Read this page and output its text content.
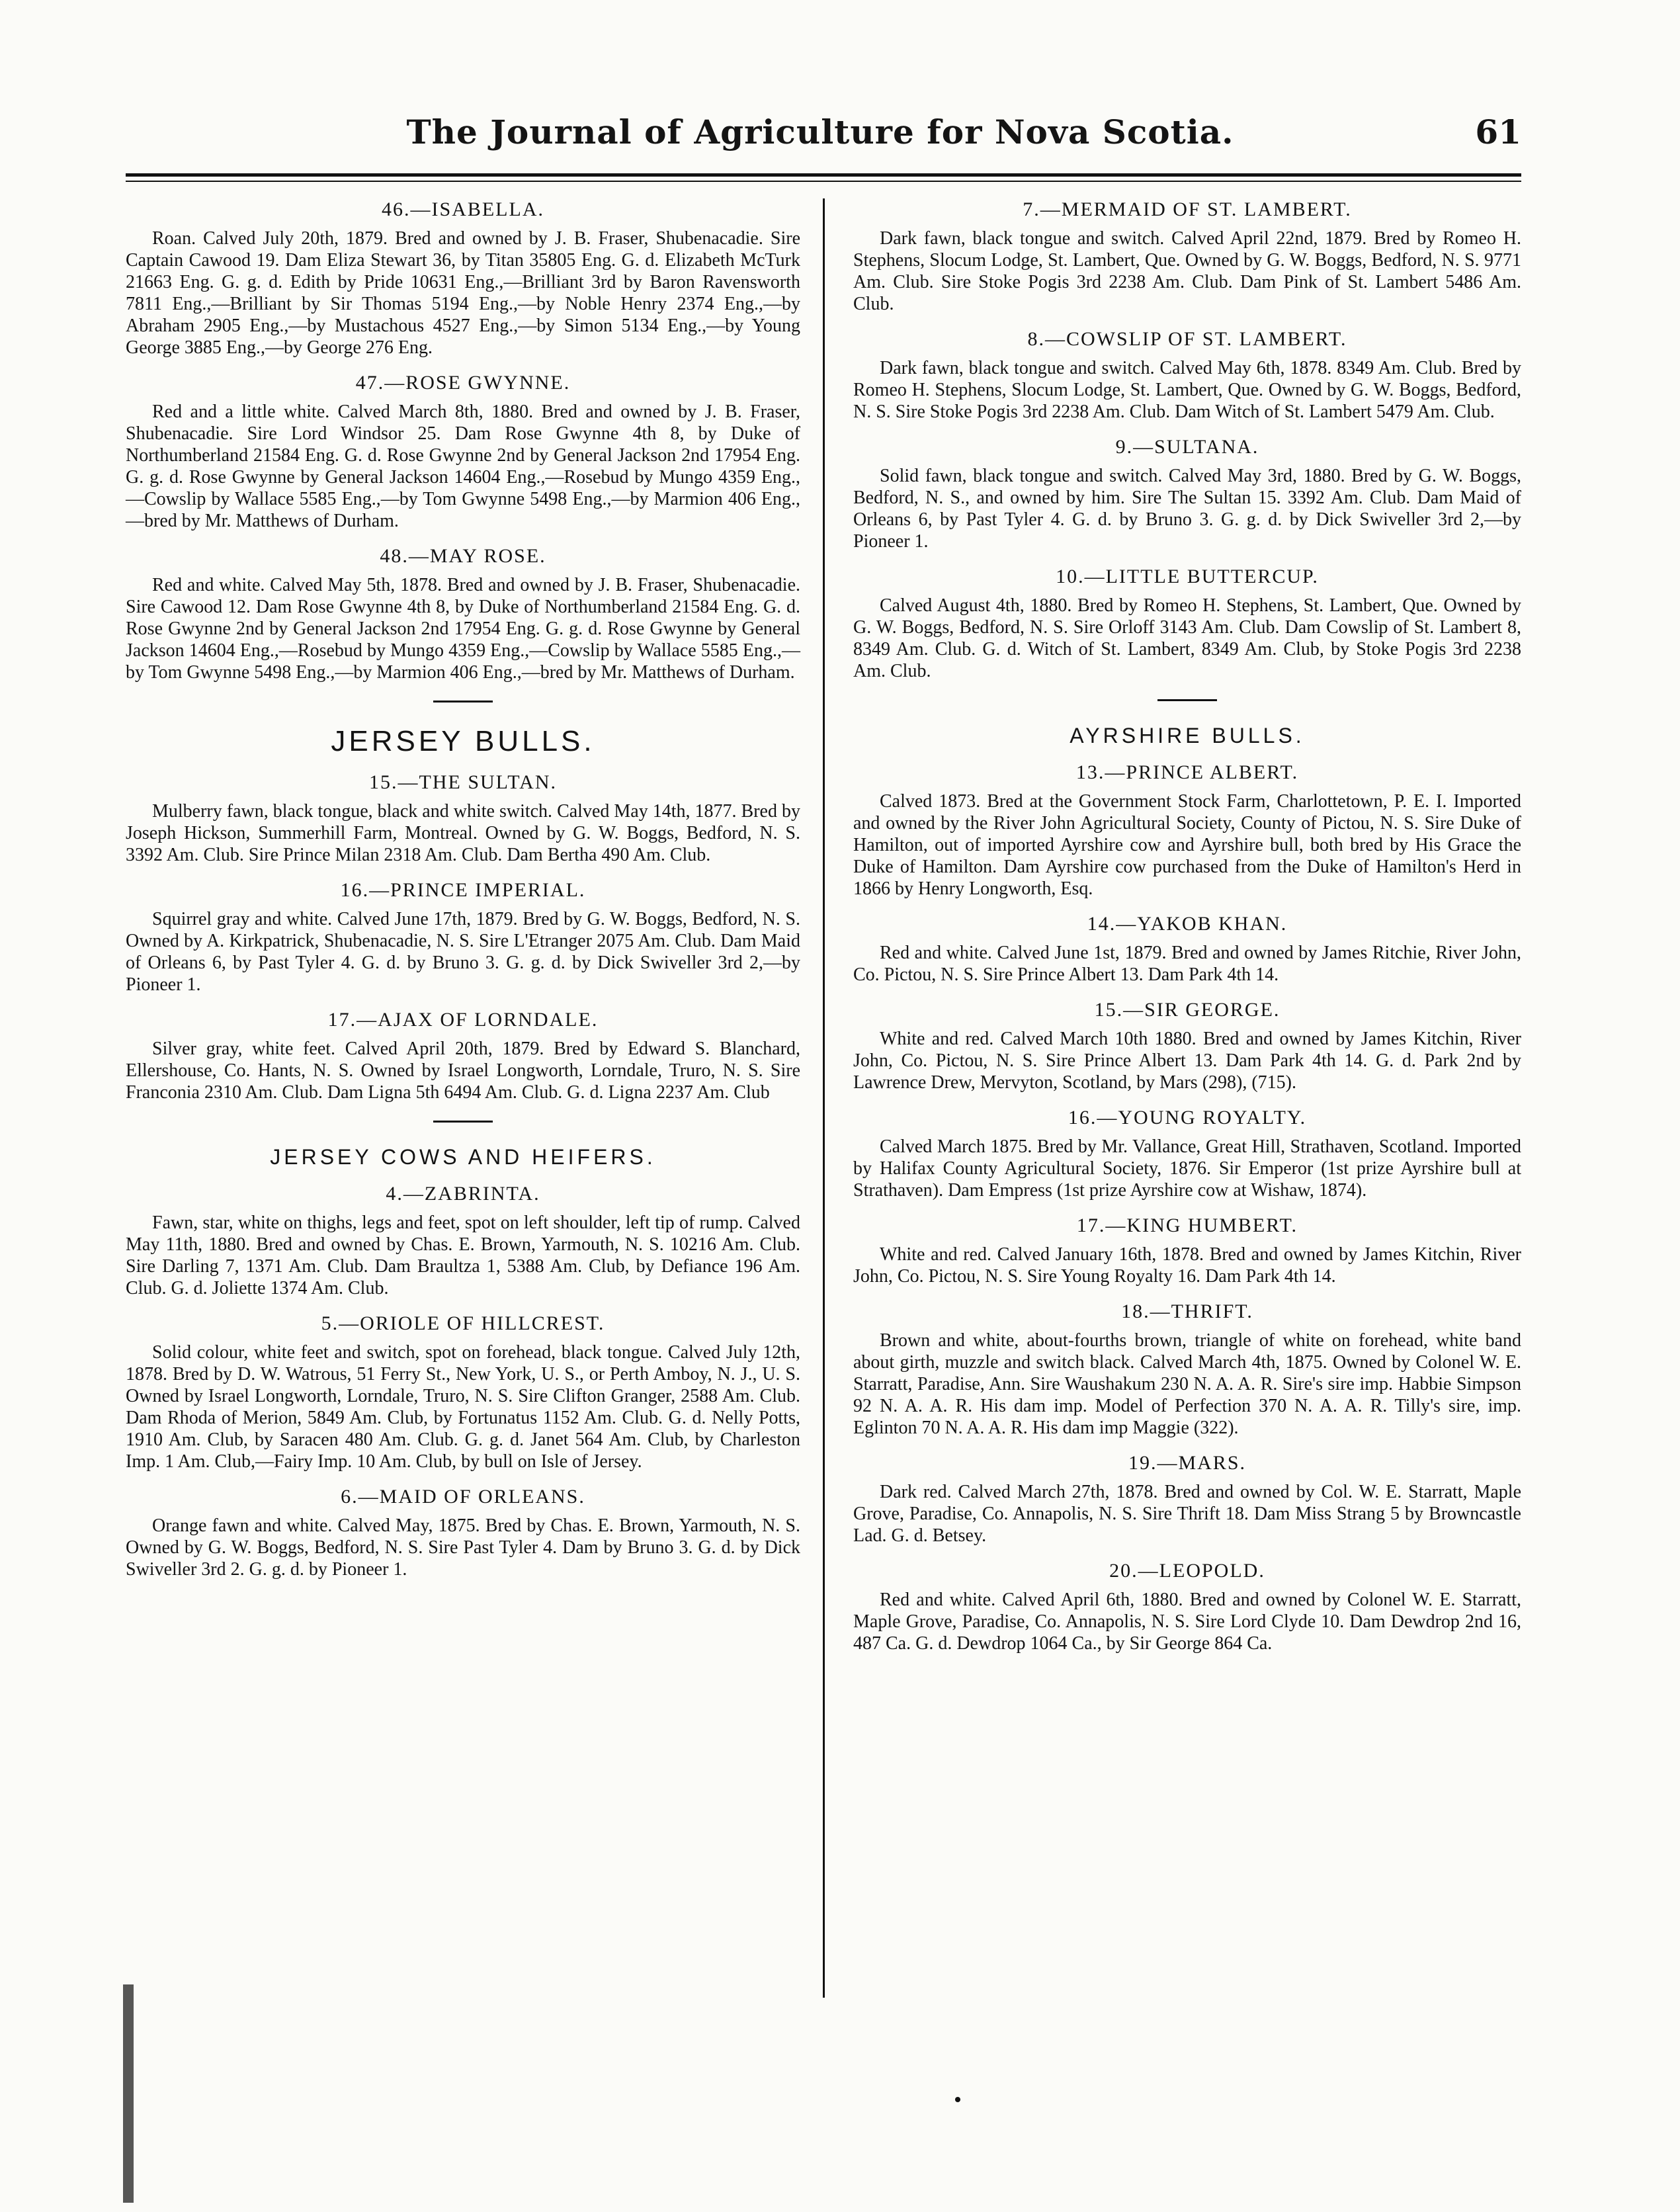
The Journal of Agriculture for Nova Scotia.	61
46.—ISABELLA.

Roan. Calved July 20th, 1879. Bred and owned by J. B. Fraser, Shubenacadie. Sire Captain Cawood 19. Dam Eliza Stewart 36, by Titan 35805 Eng. G. d. Elizabeth McTurk 21663 Eng. G. g. d. Edith by Pride 10631 Eng.,—Brilliant 3rd by Baron Ravensworth 7811 Eng.,—Brilliant by Sir Thomas 5194 Eng.,—by Noble Henry 2374 Eng.,—by Abraham 2905 Eng.,—by Mustachous 4527 Eng.,—by Simon 5134 Eng.,—by Young George 3885 Eng.,—by George 276 Eng.

47.—ROSE GWYNNE.

Red and a little white. Calved March 8th, 1880. Bred and owned by J. B. Fraser, Shubenacadie. Sire Lord Windsor 25. Dam Rose Gwynne 4th 8, by Duke of Northumberland 21584 Eng. G. d. Rose Gwynne 2nd by General Jackson 2nd 17954 Eng. G. g. d. Rose Gwynne by General Jackson 14604 Eng.,—Rosebud by Mungo 4359 Eng.,—Cowslip by Wallace 5585 Eng.,—by Tom Gwynne 5498 Eng.,—by Marmion 406 Eng.,—bred by Mr. Matthews of Durham.

48.—MAY ROSE.

Red and white. Calved May 5th, 1878. Bred and owned by J. B. Fraser, Shubenacadie. Sire Cawood 12. Dam Rose Gwynne 4th 8, by Duke of Northumberland 21584 Eng. G. d. Rose Gwynne 2nd by General Jackson 2nd 17954 Eng. G. g. d. Rose Gwynne by General Jackson 14604 Eng.,—Rosebud by Mungo 4359 Eng.,—Cowslip by Wallace 5585 Eng.,—by Tom Gwynne 5498 Eng.,—by Marmion 406 Eng.,—bred by Mr. Matthews of Durham.

JERSEY BULLS.
15.—THE SULTAN.

Mulberry fawn, black tongue, black and white switch. Calved May 14th, 1877. Bred by Joseph Hickson, Summerhill Farm, Montreal. Owned by G. W. Boggs, Bedford, N. S. 3392 Am. Club. Sire Prince Milan 2318 Am. Club. Dam Bertha 490 Am. Club.

16.—PRINCE IMPERIAL.

Squirrel gray and white. Calved June 17th, 1879. Bred by G. W. Boggs, Bedford, N. S. Owned by A. Kirkpatrick, Shubenacadie, N. S. Sire L'Etranger 2075 Am. Club. Dam Maid of Orleans 6, by Past Tyler 4. G. d. by Bruno 3. G. g. d. by Dick Swiveller 3rd 2,—by Pioneer 1.

17.—AJAX OF LORNDALE.

Silver gray, white feet. Calved April 20th, 1879. Bred by Edward S. Blanchard, Ellershouse, Co. Hants, N. S. Owned by Israel Longworth, Lorndale, Truro, N. S. Sire Franconia 2310 Am. Club. Dam Ligna 5th 6494 Am. Club. G. d. Ligna 2237 Am. Club

JERSEY COWS AND HEIFERS.
4.—ZABRINTA.

Fawn, star, white on thighs, legs and feet, spot on left shoulder, left tip of rump. Calved May 11th, 1880. Bred and owned by Chas. E. Brown, Yarmouth, N. S. 10216 Am. Club. Sire Darling 7, 1371 Am. Club. Dam Braultza 1, 5388 Am. Club, by Defiance 196 Am. Club. G. d. Joliette 1374 Am. Club.

5.—ORIOLE OF HILLCREST.

Solid colour, white feet and switch, spot on forehead, black tongue. Calved July 12th, 1878. Bred by D. W. Watrous, 51 Ferry St., New York, U. S., or Perth Amboy, N. J., U. S. Owned by Israel Longworth, Lorndale, Truro, N. S. Sire Clifton Granger, 2588 Am. Club. Dam Rhoda of Merion, 5849 Am. Club, by Fortunatus 1152 Am. Club. G. d. Nelly Potts, 1910 Am. Club, by Saracen 480 Am. Club. G. g. d. Janet 564 Am. Club, by Charleston Imp. 1 Am. Club,—Fairy Imp. 10 Am. Club, by bull on Isle of Jersey.

6.—MAID OF ORLEANS.

Orange fawn and white. Calved May, 1875. Bred by Chas. E. Brown, Yarmouth, N. S. Owned by G. W. Boggs, Bedford, N. S. Sire Past Tyler 4. Dam by Bruno 3. G. d. by Dick Swiveller 3rd 2. G. g. d. by Pioneer 1.

7.—MERMAID OF ST. LAMBERT.

Dark fawn, black tongue and switch. Calved April 22nd, 1879. Bred by Romeo H. Stephens, Slocum Lodge, St. Lambert, Que. Owned by G. W. Boggs, Bedford, N. S. 9771 Am. Club. Sire Stoke Pogis 3rd 2238 Am. Club. Dam Pink of St. Lambert 5486 Am. Club.

8.—COWSLIP OF ST. LAMBERT.

Dark fawn, black tongue and switch. Calved May 6th, 1878. 8349 Am. Club. Bred by Romeo H. Stephens, Slocum Lodge, St. Lambert, Que. Owned by G. W. Boggs, Bedford, N. S. Sire Stoke Pogis 3rd 2238 Am. Club. Dam Witch of St. Lambert 5479 Am. Club.

9.—SULTANA.

Solid fawn, black tongue and switch. Calved May 3rd, 1880. Bred by G. W. Boggs, Bedford, N. S., and owned by him. Sire The Sultan 15. 3392 Am. Club. Dam Maid of Orleans 6, by Past Tyler 4. G. d. by Bruno 3. G. g. d. by Dick Swiveller 3rd 2,—by Pioneer 1.

10.—LITTLE BUTTERCUP.

Calved August 4th, 1880. Bred by Romeo H. Stephens, St. Lambert, Que. Owned by G. W. Boggs, Bedford, N. S. Sire Orloff 3143 Am. Club. Dam Cowslip of St. Lambert 8, 8349 Am. Club. G. d. Witch of St. Lambert, 8349 Am. Club, by Stoke Pogis 3rd 2238 Am. Club.

AYRSHIRE BULLS.
13.—PRINCE ALBERT.

Calved 1873. Bred at the Government Stock Farm, Charlottetown, P. E. I. Imported and owned by the River John Agricultural Society, County of Pictou, N. S. Sire Duke of Hamilton, out of imported Ayrshire cow and Ayrshire bull, both bred by His Grace the Duke of Hamilton. Dam Ayrshire cow purchased from the Duke of Hamilton's Herd in 1866 by Henry Longworth, Esq.

14.—YAKOB KHAN.

Red and white. Calved June 1st, 1879. Bred and owned by James Ritchie, River John, Co. Pictou, N. S. Sire Prince Albert 13. Dam Park 4th 14.

15.—SIR GEORGE.

White and red. Calved March 10th 1880. Bred and owned by James Kitchin, River John, Co. Pictou, N. S. Sire Prince Albert 13. Dam Park 4th 14. G. d. Park 2nd by Lawrence Drew, Mervyton, Scotland, by Mars (298), (715).

16.—YOUNG ROYALTY.

Calved March 1875. Bred by Mr. Vallance, Great Hill, Strathaven, Scotland. Imported by Halifax County Agricultural Society, 1876. Sir Emperor (1st prize Ayrshire bull at Strathaven). Dam Empress (1st prize Ayrshire cow at Wishaw, 1874).

17.—KING HUMBERT.

White and red. Calved January 16th, 1878. Bred and owned by James Kitchin, River John, Co. Pictou, N. S. Sire Young Royalty 16. Dam Park 4th 14.

18.—THRIFT.

Brown and white, about-fourths brown, triangle of white on forehead, white band about girth, muzzle and switch black. Calved March 4th, 1875. Owned by Colonel W. E. Starratt, Paradise, Ann. Sire Waushakum 230 N. A. A. R. Sire's sire imp. Habbie Simpson 92 N. A. A. R. His dam imp. Model of Perfection 370 N. A. A. R. Tilly's sire, imp. Eglinton 70 N. A. A. R. His dam imp Maggie (322).

19.—MARS.

Dark red. Calved March 27th, 1878. Bred and owned by Col. W. E. Starratt, Maple Grove, Paradise, Co. Annapolis, N. S. Sire Thrift 18. Dam Miss Strang 5 by Browncastle Lad. G. d. Betsey.

20.—LEOPOLD.

Red and white. Calved April 6th, 1880. Bred and owned by Colonel W. E. Starratt, Maple Grove, Paradise, Co. Annapolis, N. S. Sire Lord Clyde 10. Dam Dewdrop 2nd 16, 487 Ca. G. d. Dewdrop 1064 Ca., by Sir George 864 Ca.
